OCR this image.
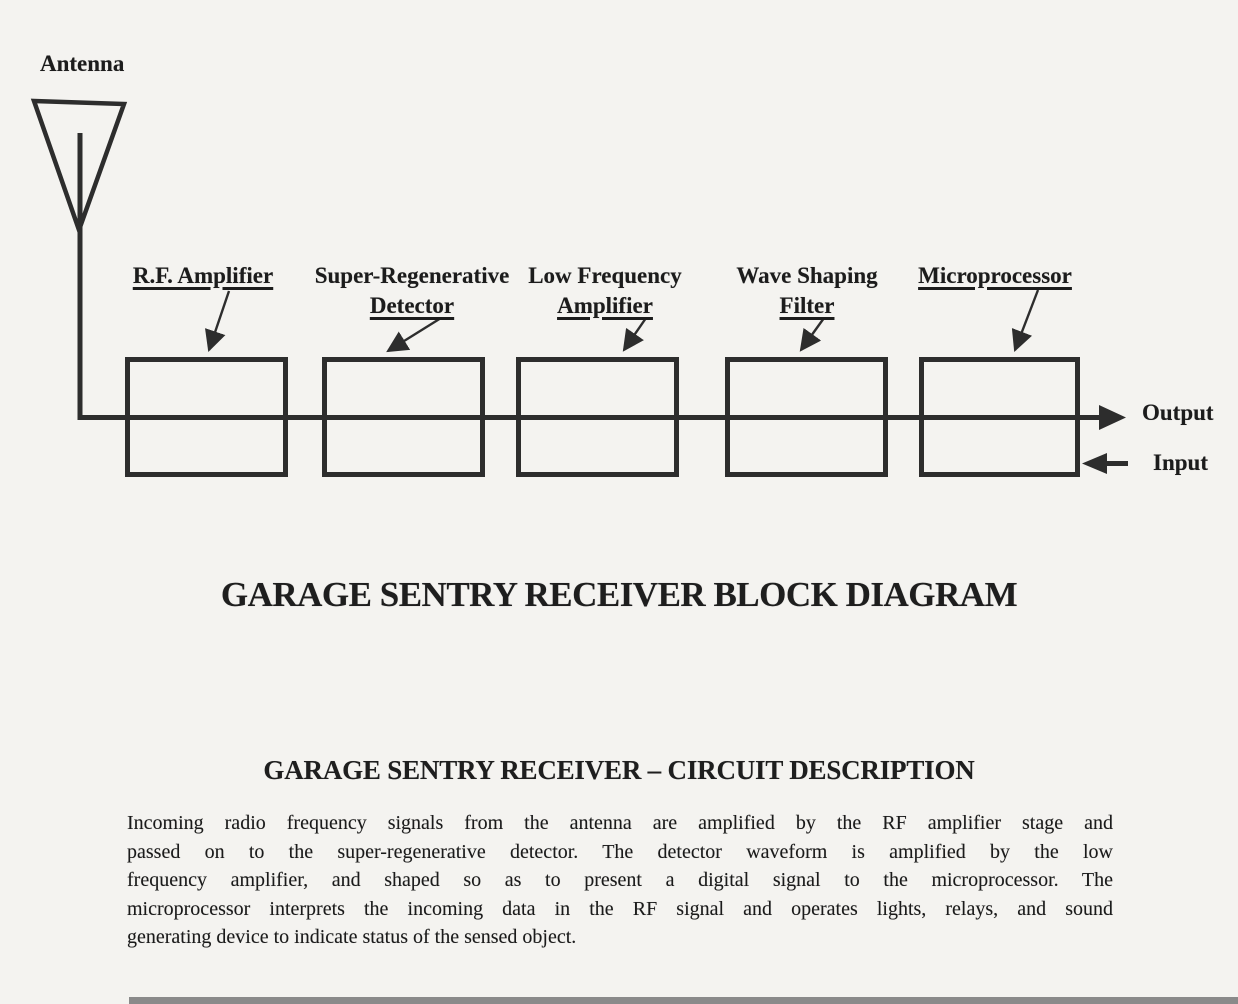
Antenna
R.F. Amplifier	Super-Regenerative
Detector
Low Frequency
Amplifier
Wave Shaping
Filter
Microprocessor
Output
Input
GARAGE SENTRY RECEIVER BLOCK DIAGRAM
GARAGE SENTRY RECEIVER – CIRCUIT DESCRIPTION
Incoming radio frequency signals from the antenna are amplified by the RF amplifier stage and
passed on to the super-regenerative detector. The detector waveform is amplified by the low
frequency amplifier, and shaped so as to present a digital signal to the microprocessor. The
microprocessor interprets the incoming data in the RF signal and operates lights, relays, and sound
generating device to indicate status of the sensed object.
